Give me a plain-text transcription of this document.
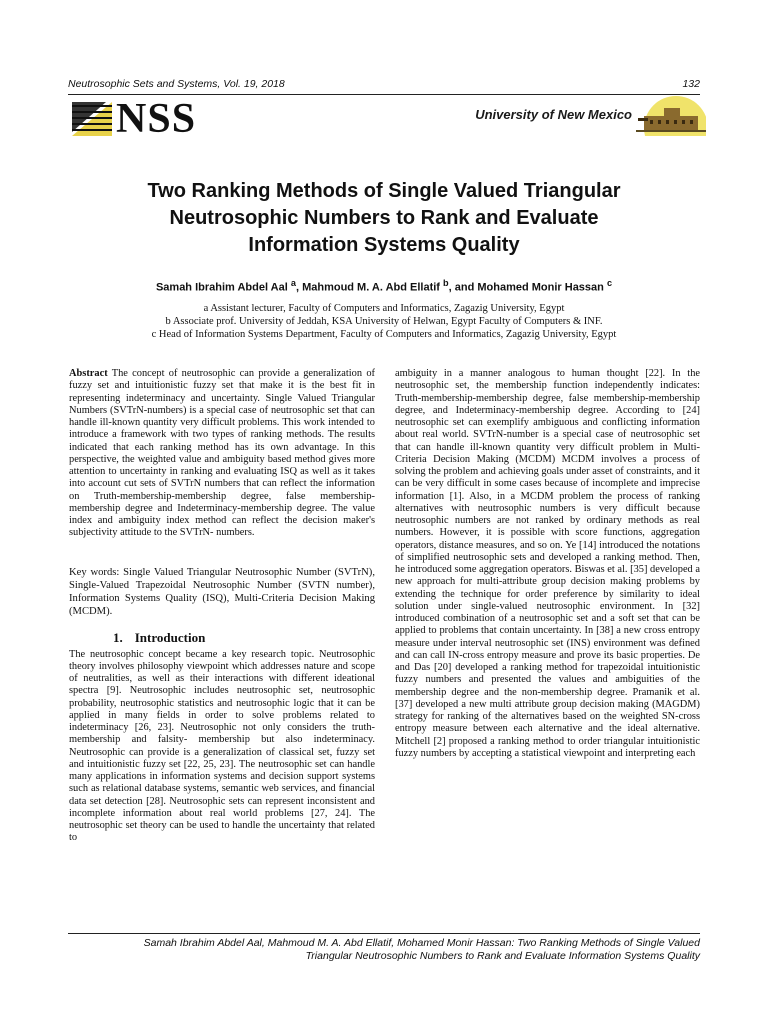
Neutrosophic Sets and Systems, Vol. 19, 2018	132
NSS	University of New Mexico
Two Ranking Methods of Single Valued Triangular
Neutrosophic Numbers to Rank and Evaluate
Information Systems Quality
Samah Ibrahim Abdel Aal $^a$, Mahmoud M. A. Abd Ellatif $^b$, and Mohamed Monir Hassan $^c$
a Assistant lecturer, Faculty of Computers and Informatics, Zagazig University, Egypt
b Associate prof. University of Jeddah, KSA University of Helwan, Egypt Faculty of Computers & INF.
c Head of Information Systems Department, Faculty of Computers and Informatics, Zagazig University, Egypt

Abstract The concept of neutrosophic can provide a generalization of fuzzy set and intuitionistic fuzzy set that make it is the best fit in representing indeterminacy and uncertainty. Single Valued Triangular Numbers (SVTrN-numbers) is a special case of neutrosophic set that can handle ill-known quantity very difficult problems. This work intended to introduce a framework with two types of ranking methods. The results indicated that each ranking method has its own advantage. In this perspective, the weighted value and ambiguity based method gives more attention to uncertainty in ranking and evaluating ISQ as well as it takes into account cut sets of SVTrN numbers that can reflect the information on Truth-membership-membership degree, false membership-membership degree and Indeterminacy-membership degree. The value index and ambiguity index method can reflect the decision maker's subjectivity attitude to the SVTrN- numbers.

Key words: Single Valued Triangular Neutrosophic Number (SVTrN), Single-Valued Trapezoidal Neutrosophic Number (SVTN number), Information Systems Quality (ISQ), Multi-Criteria Decision Making (MCDM).
1. Introduction

The neutrosophic concept became a key research topic. Neutrosophic theory involves philosophy viewpoint which addresses nature and scope of neutralities, as well as their interactions with different ideational spectra [9]. Neutrosophic includes neutrosophic set, neutrosophic probability, neutrosophic statistics and neutrosophic logic that it can be applied in many fields in order to solve problems related to indeterminacy [26, 23]. Neutrosophic not only considers the truth-membership and falsity- membership but also indeterminacy. Neutrosophic can provide is a generalization of classical set, fuzzy set and intuitionistic fuzzy set [22, 25, 23]. The neutrosophic set can handle many applications in information systems and decision support systems such as relational database systems, semantic web services, and financial data set detection [28]. Neutrosophic sets can represent inconsistent and incomplete information about real world problems [27, 24]. The neutrosophic set theory can be used to handle the uncertainty that related to

ambiguity in a manner analogous to human thought [22]. In the neutrosophic set, the membership function independently indicates: Truth-membership-membership degree, false membership-membership degree, and Indeterminacy-membership degree. According to [24] neutrosophic set can exemplify ambiguous and conflicting information about real world. SVTrN-number is a special case of neutrosophic set that can handle ill-known quantity very difficult problem in Multi-Criteria Decision Making (MCDM) MCDM involves a process of solving the problem and achieving goals under asset of constraints, and it can be very difficult in some cases because of incomplete and imprecise information [1]. Also, in a MCDM problem the process of ranking alternatives with neutrosophic numbers is very difficult because neutrosophic numbers are not ranked by ordinary methods as real numbers. However, it is possible with score functions, aggregation operators, distance measures, and so on. Ye [14] introduced the notations of simplified neutrosophic sets and developed a ranking method. Then, he introduced some aggregation operators. Biswas et al. [35] developed a new approach for multi-attribute group decision making problems by extending the technique for order preference by similarity to ideal solution under single-valued neutrosophic environment. In [32] introduced combination of a neutrosophic set and a soft set that can be applied to problems that contain uncertainty. In [38] a new cross entropy measure under interval neutrosophic set (INS) environment was defined and can call IN-cross entropy measure and prove its basic properties. De and Das [20] developed a ranking method for trapezoidal intuitionistic fuzzy numbers and presented the values and ambiguities of the membership degree and the non-membership degree. Pramanik et al. [37] developed a new multi attribute group decision making (MAGDM) strategy for ranking of the alternatives based on the weighted SN-cross entropy measure between each alternative and the ideal alternative. Mitchell [2] proposed a ranking method to order triangular intuitionistic fuzzy numbers by accepting a statistical viewpoint and interpreting each

Samah Ibrahim Abdel Aal, Mahmoud M. A. Abd Ellatif, Mohamed Monir Hassan: Two Ranking Methods of Single Valued
Triangular Neutrosophic Numbers to Rank and Evaluate Information Systems Quality
